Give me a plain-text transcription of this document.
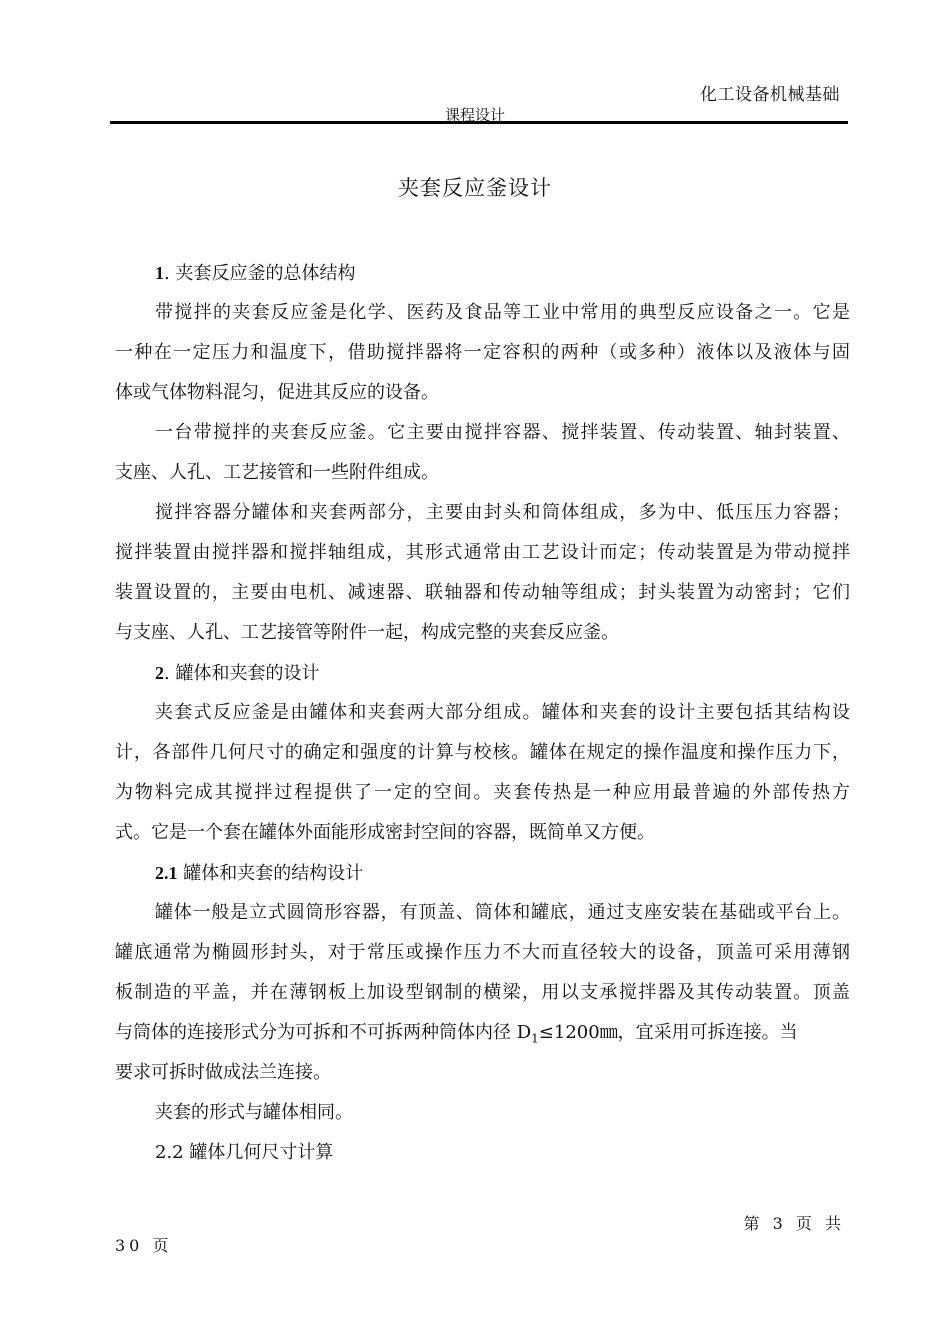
化工设备机械基础
课程设计
夹套反应釜设计
1. 夹套反应釜的总体结构
带搅拌的夹套反应釜是化学、医药及食品等工业中常用的典型反应设备之一。它是
一种在一定压力和温度下，借助搅拌器将一定容积的两种（或多种）液体以及液体与固
体或气体物料混匀，促进其反应的设备。
一台带搅拌的夹套反应釜。它主要由搅拌容器、搅拌装置、传动装置、轴封装置、
支座、人孔、工艺接管和一些附件组成。
搅拌容器分罐体和夹套两部分，主要由封头和筒体组成，多为中、低压压力容器；
搅拌装置由搅拌器和搅拌轴组成，其形式通常由工艺设计而定；传动装置是为带动搅拌
装置设置的，主要由电机、减速器、联轴器和传动轴等组成；封头装置为动密封；它们
与支座、人孔、工艺接管等附件一起，构成完整的夹套反应釜。
2. 罐体和夹套的设计
夹套式反应釜是由罐体和夹套两大部分组成。罐体和夹套的设计主要包括其结构设
计，各部件几何尺寸的确定和强度的计算与校核。罐体在规定的操作温度和操作压力下，
为物料完成其搅拌过程提供了一定的空间。夹套传热是一种应用最普遍的外部传热方
式。它是一个套在罐体外面能形成密封空间的容器，既简单又方便。
2.1 罐体和夹套的结构设计
罐体一般是立式圆筒形容器，有顶盖、筒体和罐底，通过支座安装在基础或平台上。
罐底通常为椭圆形封头，对于常压或操作压力不大而直径较大的设备，顶盖可采用薄钢
板制造的平盖，并在薄钢板上加设型钢制的横梁，用以支承搅拌器及其传动装置。顶盖
与筒体的连接形式分为可拆和不可拆两种筒体内径 $D_1\le 1200㎜$，宜采用可拆连接。当
要求可拆时做成法兰连接。
夹套的形式与罐体相同。
2.2 罐体几何尺寸计算
第 3 页 共
30 页
